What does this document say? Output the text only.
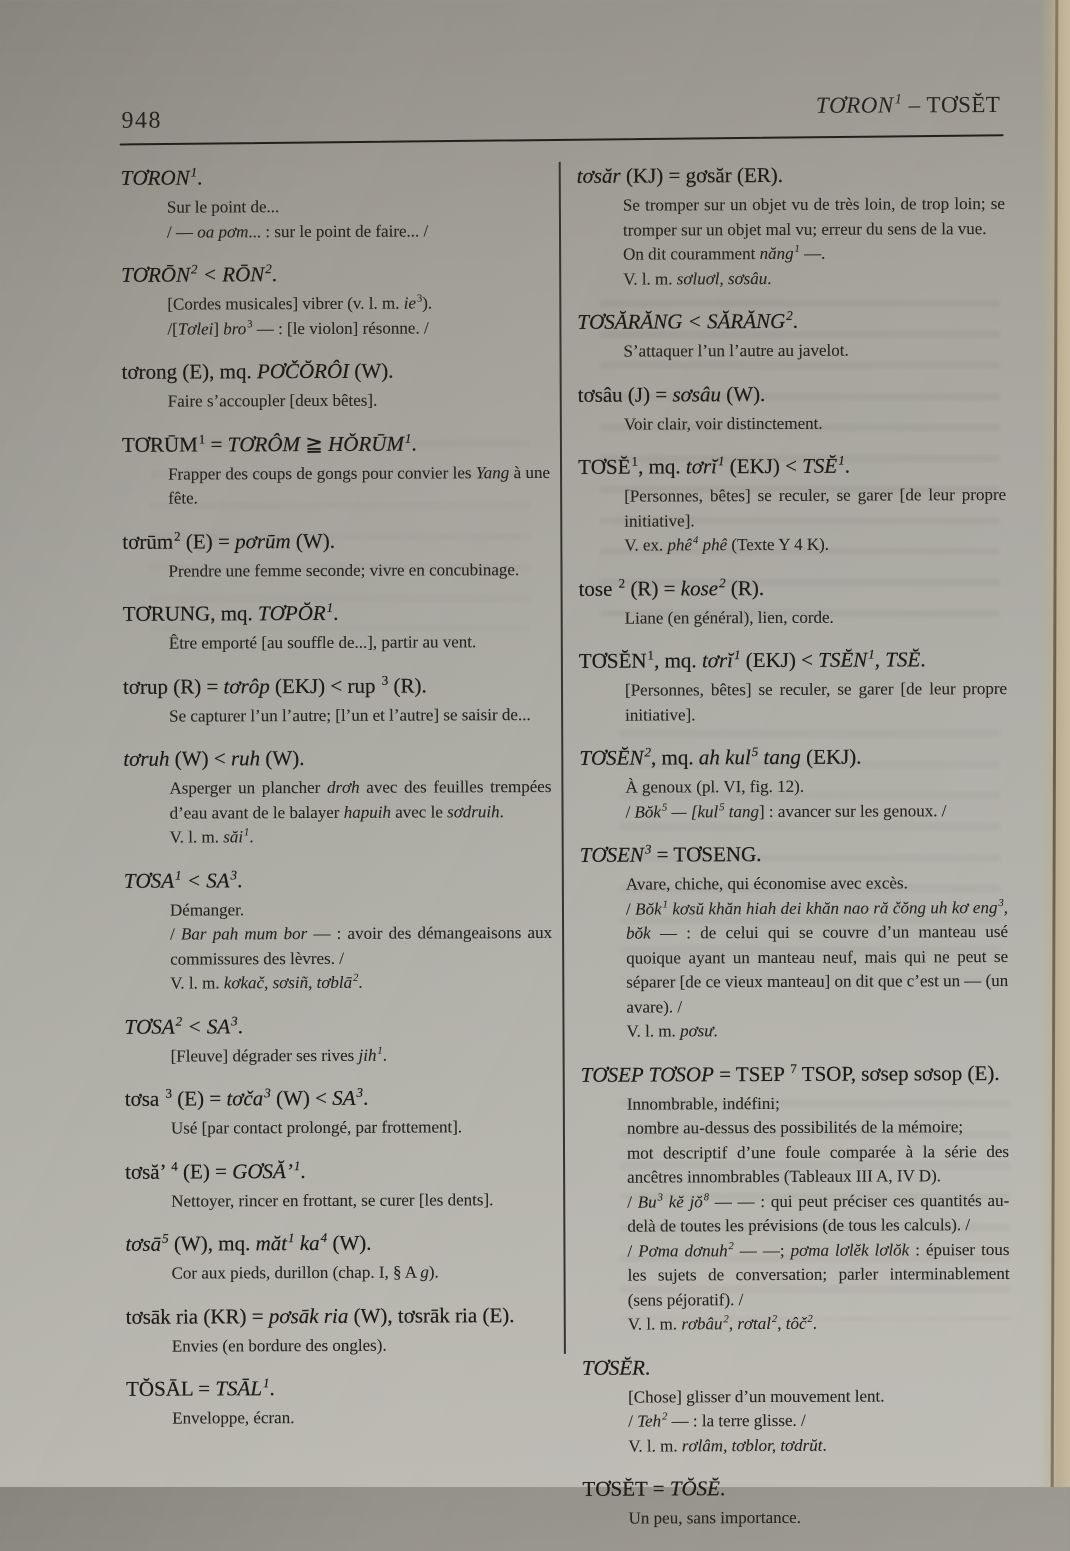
948
TƠRON$^1$ – TƠSĔT
TƠRON$^1$.

Sur le point de...

/ — oa pơm... : sur le point de faire... /

$TƠRŌN^2$ < $RŌN^2$.

[Cordes musicales] vibrer (v. l. m. $ie^3$).

/[Tơlei] bro$^3$ — : [le violon] résonne. /

tơrong (E), mq. PƠČŎRÔI (W).

Faire s’accoupler [deux bêtes].

$TƠRŪM^1$ = TƠRÔM ≧ HŎRŪM$^1$.

Frapper des coups de gongs pour convier les Yang à une fête.

tơrūm$^2$ (E) = pơrūm (W).

Prendre une femme seconde; vivre en concubinage.

TƠRUNG, mq. TƠPŎR$^1$.

Être emporté [au souffle de...], partir au vent.

tơrup (R) = tơrôp (EKJ) < rup $^3$ (R).

Se capturer l’un l’autre; [l’un et l’autre] se saisir de...

tơruh (W) < ruh (W).

Asperger un plancher drơh avec des feuilles trempées d’eau avant de le balayer hapuih avec le sơdruih.

V. l. m. săi$^1$.

$TƠSA^1 < SA^3$.

Démanger.

/ Bar pah mum bor — : avoir des démangeaisons aux commissures des lèvres. /

V. l. m. kơkač, sơsiñ, tơblā$^2$.

$TƠSA^2 < SA^3$.

[Fleuve] dégrader ses rives jih$^1$.

tơsa $^3$ (E) = tơča$^3$ $(W) < SA^3$.

Usé [par contact prolongé, par frottement].

tơsă’ $^4$ (E) = GƠSĂ’$^1$.

Nettoyer, rincer en frottant, se curer [les dents].

tơsā$^5$ (W), mq. măt$^1$ $ka^4$ (W).

Cor aux pieds, durillon (chap. I, § A g).

tơsāk ria (KR) = pơsāk ria (W), tơsrāk ria (E).

Envies (en bordure des ongles).

TŎSĀL = $TSĀL^1$.

Enveloppe, écran.

tơsăr (KJ) = gơsăr (ER).

Se tromper sur un objet vu de très loin, de trop loin; se tromper sur un objet mal vu; erreur du sens de la vue.

On dit couramment năng$^1$ —.

V. l. m. sơluơl, sơsâu.

TƠSĂRĂNG < $SĂRĂNG^2$.

S’attaquer l’un l’autre au javelot.

tơsâu (J) = sơsâu (W).

Voir clair, voir distinctement.

TƠSĔ$^1$, mq. tơrĭ$^1$ $(EKJ) < TSĔ^1$.

[Personnes, bêtes] se reculer, se garer [de leur propre initiative].

V. ex. phê$^4$ phê (Texte Y 4 K).

tose $^2$ (R) = kose$^2$ (R).

Liane (en général), lien, corde.

TƠSĔN$^1$, mq. tơrĭ$^1$ $(EKJ) < TSĔN^1$, TSĔ.

[Personnes, bêtes] se reculer, se garer [de leur propre initiative].

TƠSĔN$^2$, mq. ah kul$^5$ tang (EKJ).

À genoux (pl. VI, fig. 12).

/ Bŏk$^5$ — [kul$^5$ tang] : avancer sur les genoux. /

$TƠSEN^3$ = TƠSENG.

Avare, chiche, qui économise avec excès.

/ Bŏk$^1$ kơsŭ khăn hiah dei khăn nao ră čŏng uh kơ eng$^3$, bŏk — : de celui qui se couvre d’un manteau usé quoique ayant un manteau neuf, mais qui ne peut se séparer [de ce vieux manteau] on dit que c’est un — (un avare). /

V. l. m. pơsư.

TƠSEP TƠSOP = TSEP $^7$ TSOP, sơsep sơsop (E).

Innombrable, indéfini;

nombre au-dessus des possibilités de la mémoire;

mot descriptif d’une foule comparée à la série des ancêtres innombrables (Tableaux III A, IV D).

/ Bu$^3$ kĕ $jŏ^8$ — — : qui peut préciser ces quantités au-delà de toutes les prévisions (de tous les calculs). /

/ Pơma dơnuh$^2$ — —; pơma lơlĕk lơlŏk : épuiser tous les sujets de conversation; parler interminablement (sens péjoratif). /

V. l. m. rơbâu$^2$, rơtal$^2$, tôč$^2$.

TƠSĔR.

[Chose] glisser d’un mouvement lent.

/ Teh$^2$ — : la terre glisse. /

V. l. m. rơlâm, tơblor, tơdrŭt.

TƠSĔT = TŎSĔ.

Un peu, sans importance.
